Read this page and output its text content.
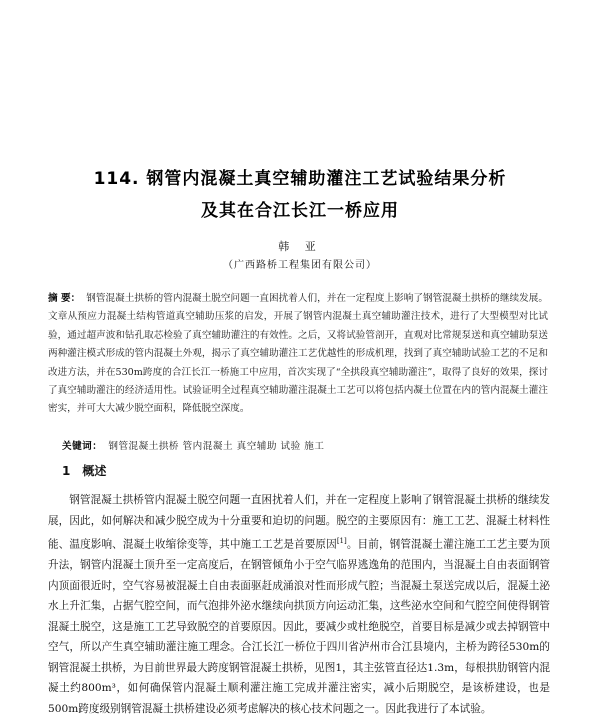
114. 钢管内混凝土真空辅助灌注工艺试验结果分析
及其在合江长江一桥应用
韩 亚
（广西路桥工程集团有限公司）
摘 要： 钢管混凝土拱桥的管内混凝土脱空问题一直困扰着人们，并在一定程度上影响了钢管混凝土拱桥的继续发展。文章从预应力混凝土结构管道真空辅助压浆的启发，开展了钢管内混凝土真空辅助灌注技术，进行了大型模型对比试验，通过超声波和钻孔取芯检验了真空辅助灌注的有效性。之后，又将试验管剖开，直观对比常规泵送和真空辅助泵送两种灌注模式形成的管内混凝土外观，揭示了真空辅助灌注工艺优越性的形成机理，找到了真空辅助试验工艺的不足和改进方法，并在530m跨度的合江长江一桥施工中应用，首次实现了“全拱段真空辅助灌注”，取得了良好的效果，探讨了真空辅助灌注的经济适用性。试验证明全过程真空辅助灌注混凝土工艺可以将包括内凝土位置在内的管内混凝土灌注密实，并可大大减少脱空面积，降低脱空深度。
关键词： 钢管混凝土拱桥 管内混凝土 真空辅助 试验 施工
1 概述
钢管混凝土拱桥管内混凝土脱空问题一直困扰着人们，并在一定程度上影响了钢管混凝土拱桥的继续发展，因此，如何解决和减少脱空成为十分重要和迫切的问题。脱空的主要原因有：施工工艺、混凝土材料性能、温度影响、混凝土收缩徐变等，其中施工工艺是首要原因[1]。目前，钢管混凝土灌注施工工艺主要为顶升法，钢管内混凝土顶升至一定高度后，在钢管倾角小于空气临界逃逸角的范围内，当混凝土自由表面钢管内顶面很近时，空气容易被混凝土自由表面驱赶成涌浪对性而形成气腔；当混凝土泵送完成以后，混凝土泌水上升汇集，占据气腔空间，而气泡排外泌水继续向拱顶方向运动汇集，这些泌水空间和气腔空间使得钢管混凝土脱空，这是施工工艺导致脱空的首要原因。因此，要减少或杜绝脱空，首要目标是减少或去掉钢管中空气，所以产生真空辅助灌注施工理念。合江长江一桥位于四川省泸州市合江县境内，主桥为跨径530m的钢管混凝土拱桥，为目前世界最大跨度钢管混凝土拱桥，见图1，其主弦管直径达1.3m，每根拱肋钢管内混凝土约800m³，如何确保管内混凝土顺利灌注施工完成并灌注密实，减小后期脱空，是该桥建设，也是500m跨度级别钢管混凝土拱桥建设必须考虑解决的核心技术问题之一。因此我进行了本试验。
